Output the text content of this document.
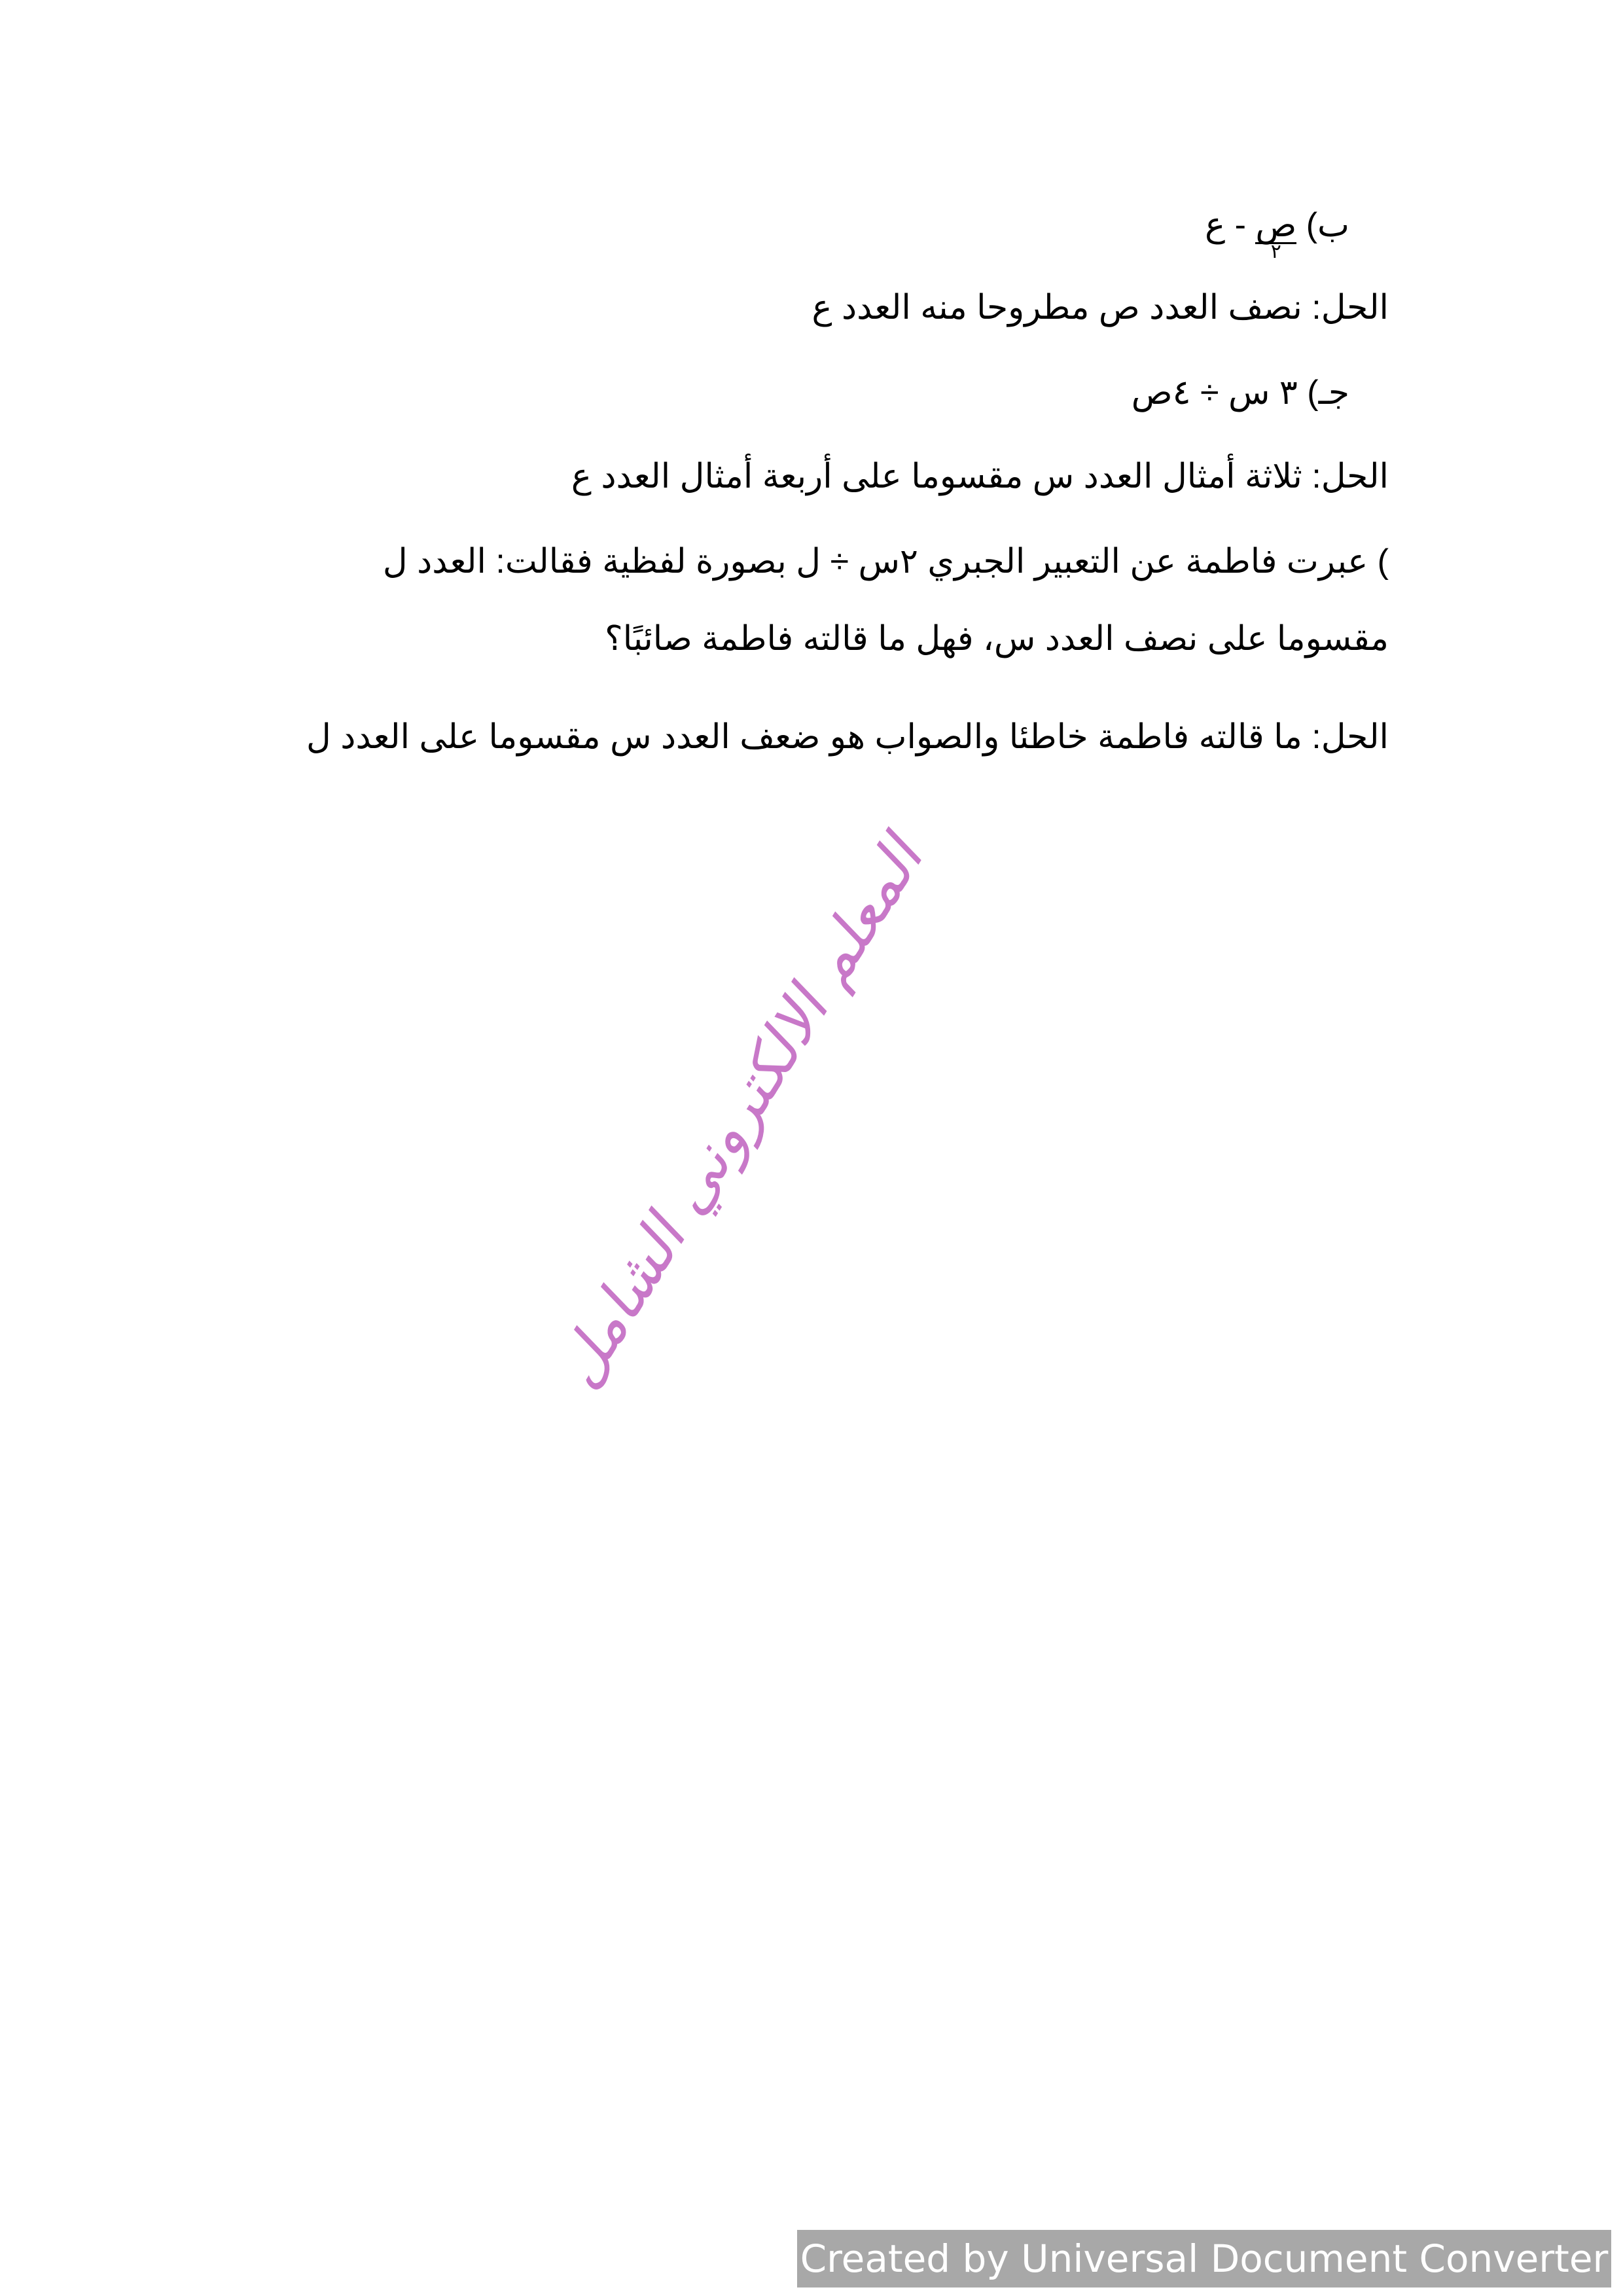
ب) $\frac{\text{ص}}{٢}$
- ع
الحل: نصف العدد ص مطروحا منه العدد ع
جـ) ٣ س ÷ ٤ص
الحل: ثلاثة أمثال العدد س مقسوما على أربعة أمثال العدد ع
) عبرت فاطمة عن التعبير الجبري ٢س ÷ ل بصورة لفظية فقالت: العدد ل
مقسوما على نصف العدد س، فهل ما قالته فاطمة صائبًا؟
الحل: ما قالته فاطمة خاطئا والصواب هو ضعف العدد س مقسوما على العدد ل
المعلم الالكتروني الشامل
Created by Universal Document Converter
